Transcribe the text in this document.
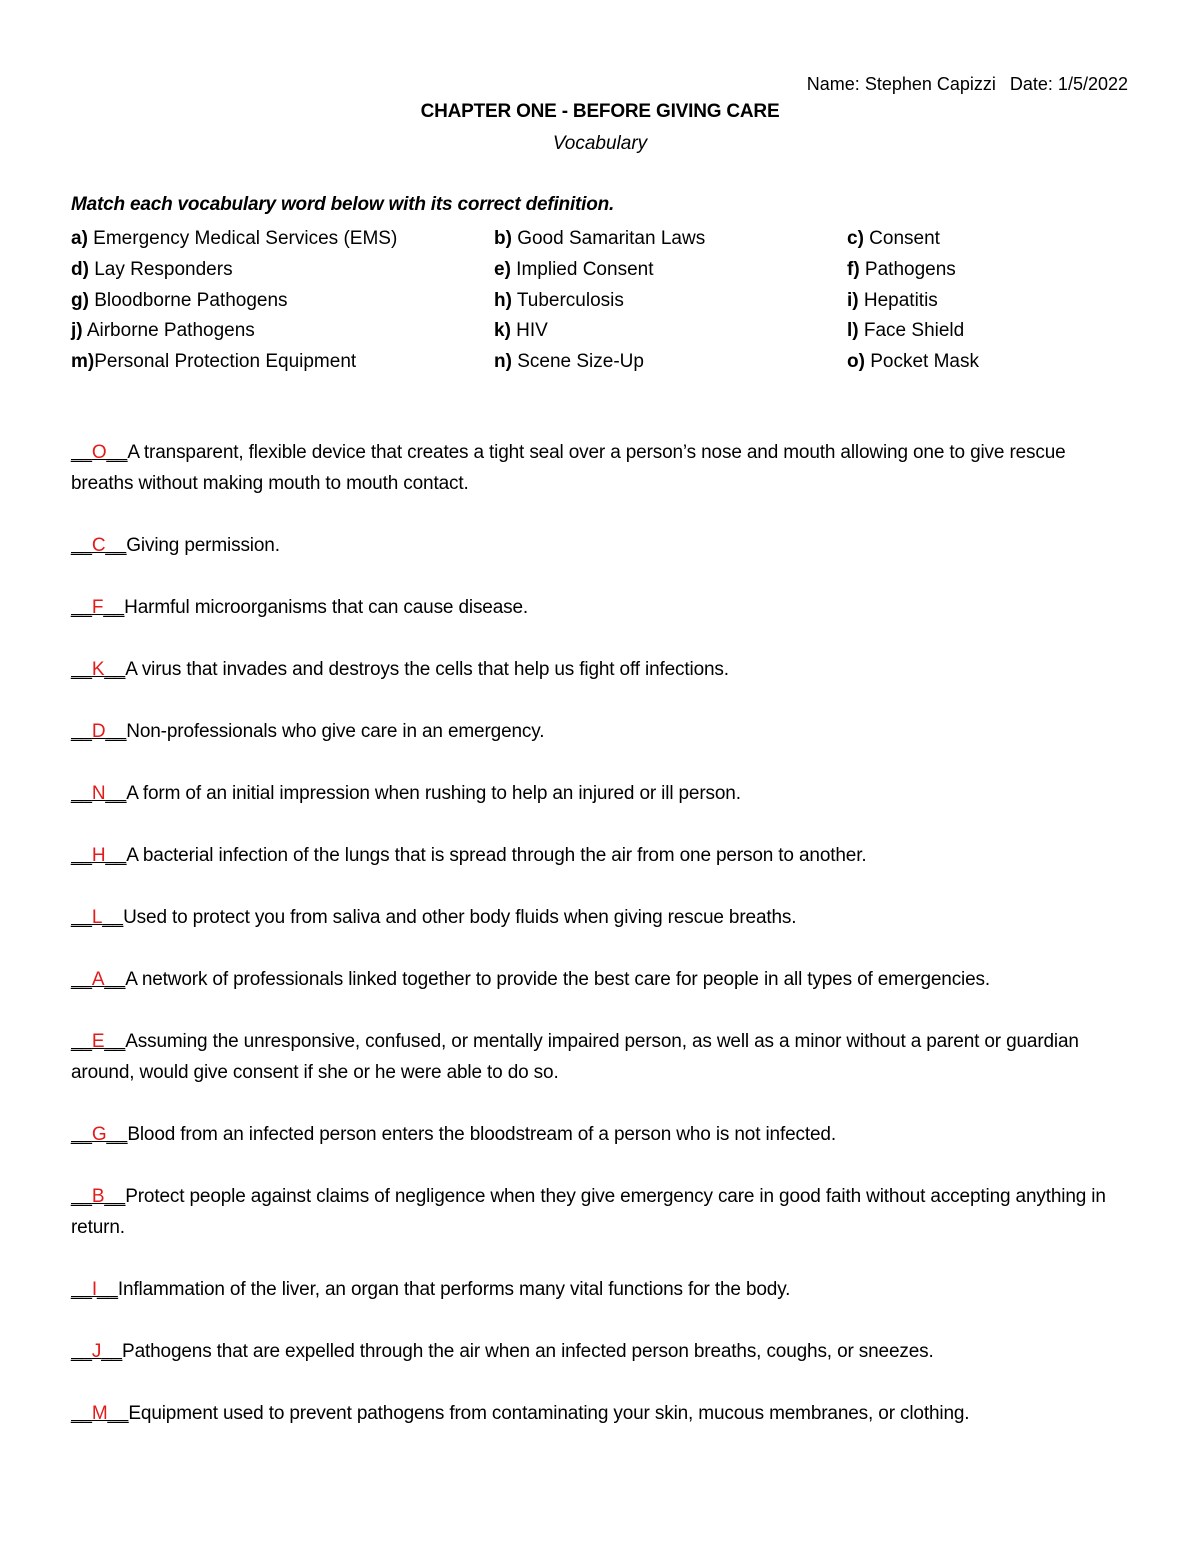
Name: Stephen Capizzi Date: 1/5/2022
CHAPTER ONE - BEFORE GIVING CARE
Vocabulary
Match each vocabulary word below with its correct definition.
a) Emergency Medical Services (EMS)	b) Good Samaritan Laws	c) Consent
d) Lay Responders	e) Implied Consent	f) Pathogens
g) Bloodborne Pathogens	h) Tuberculosis	i) Hepatitis
j) Airborne Pathogens	k) HIV	l) Face Shield
m)Personal Protection Equipment	n) Scene Size-Up	o) Pocket Mask
__O__A transparent, flexible device that creates a tight seal over a person’s nose and mouth allowing one to give rescue breaths without making mouth to mouth contact.
__C__Giving permission.
__F__Harmful microorganisms that can cause disease.
__K__A virus that invades and destroys the cells that help us fight off infections.
__D__Non-professionals who give care in an emergency.
__N__A form of an initial impression when rushing to help an injured or ill person.
__H__A bacterial infection of the lungs that is spread through the air from one person to another.
__L__Used to protect you from saliva and other body fluids when giving rescue breaths.
__A__A network of professionals linked together to provide the best care for people in all types of emergencies.
__E__Assuming the unresponsive, confused, or mentally impaired person, as well as a minor without a parent or guardian around, would give consent if she or he were able to do so.
__G__Blood from an infected person enters the bloodstream of a person who is not infected.
__B__Protect people against claims of negligence when they give emergency care in good faith without accepting anything in return.
__I__Inflammation of the liver, an organ that performs many vital functions for the body.
__J__Pathogens that are expelled through the air when an infected person breaths, coughs, or sneezes.
__M__Equipment used to prevent pathogens from contaminating your skin, mucous membranes, or clothing.
